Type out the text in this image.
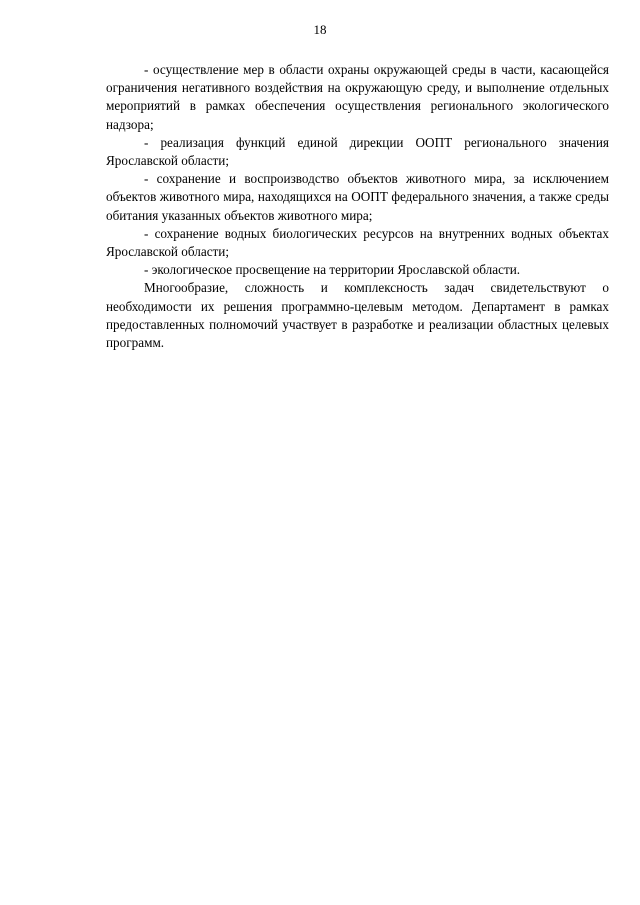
18

- осуществление мер в области охраны окружающей среды в части, касающейся ограничения негативного воздействия на окружающую среду, и выполнение отдельных мероприятий в рамках обеспечения осуществления регионального экологического надзора;

- реализация функций единой дирекции ООПТ регионального значения Ярославской области;

- сохранение и воспроизводство объектов животного мира, за исключением объектов животного мира, находящихся на ООПТ федерального значения, а также среды обитания указанных объектов животного мира;

- сохранение водных биологических ресурсов на внутренних водных объектах Ярославской области;

- экологическое просвещение на территории Ярославской области.

Многообразие, сложность и комплексность задач свидетельствуют о необходимости их решения программно-целевым методом. Департамент в рамках предоставленных полномочий участвует в разработке и реализации областных целевых программ.
